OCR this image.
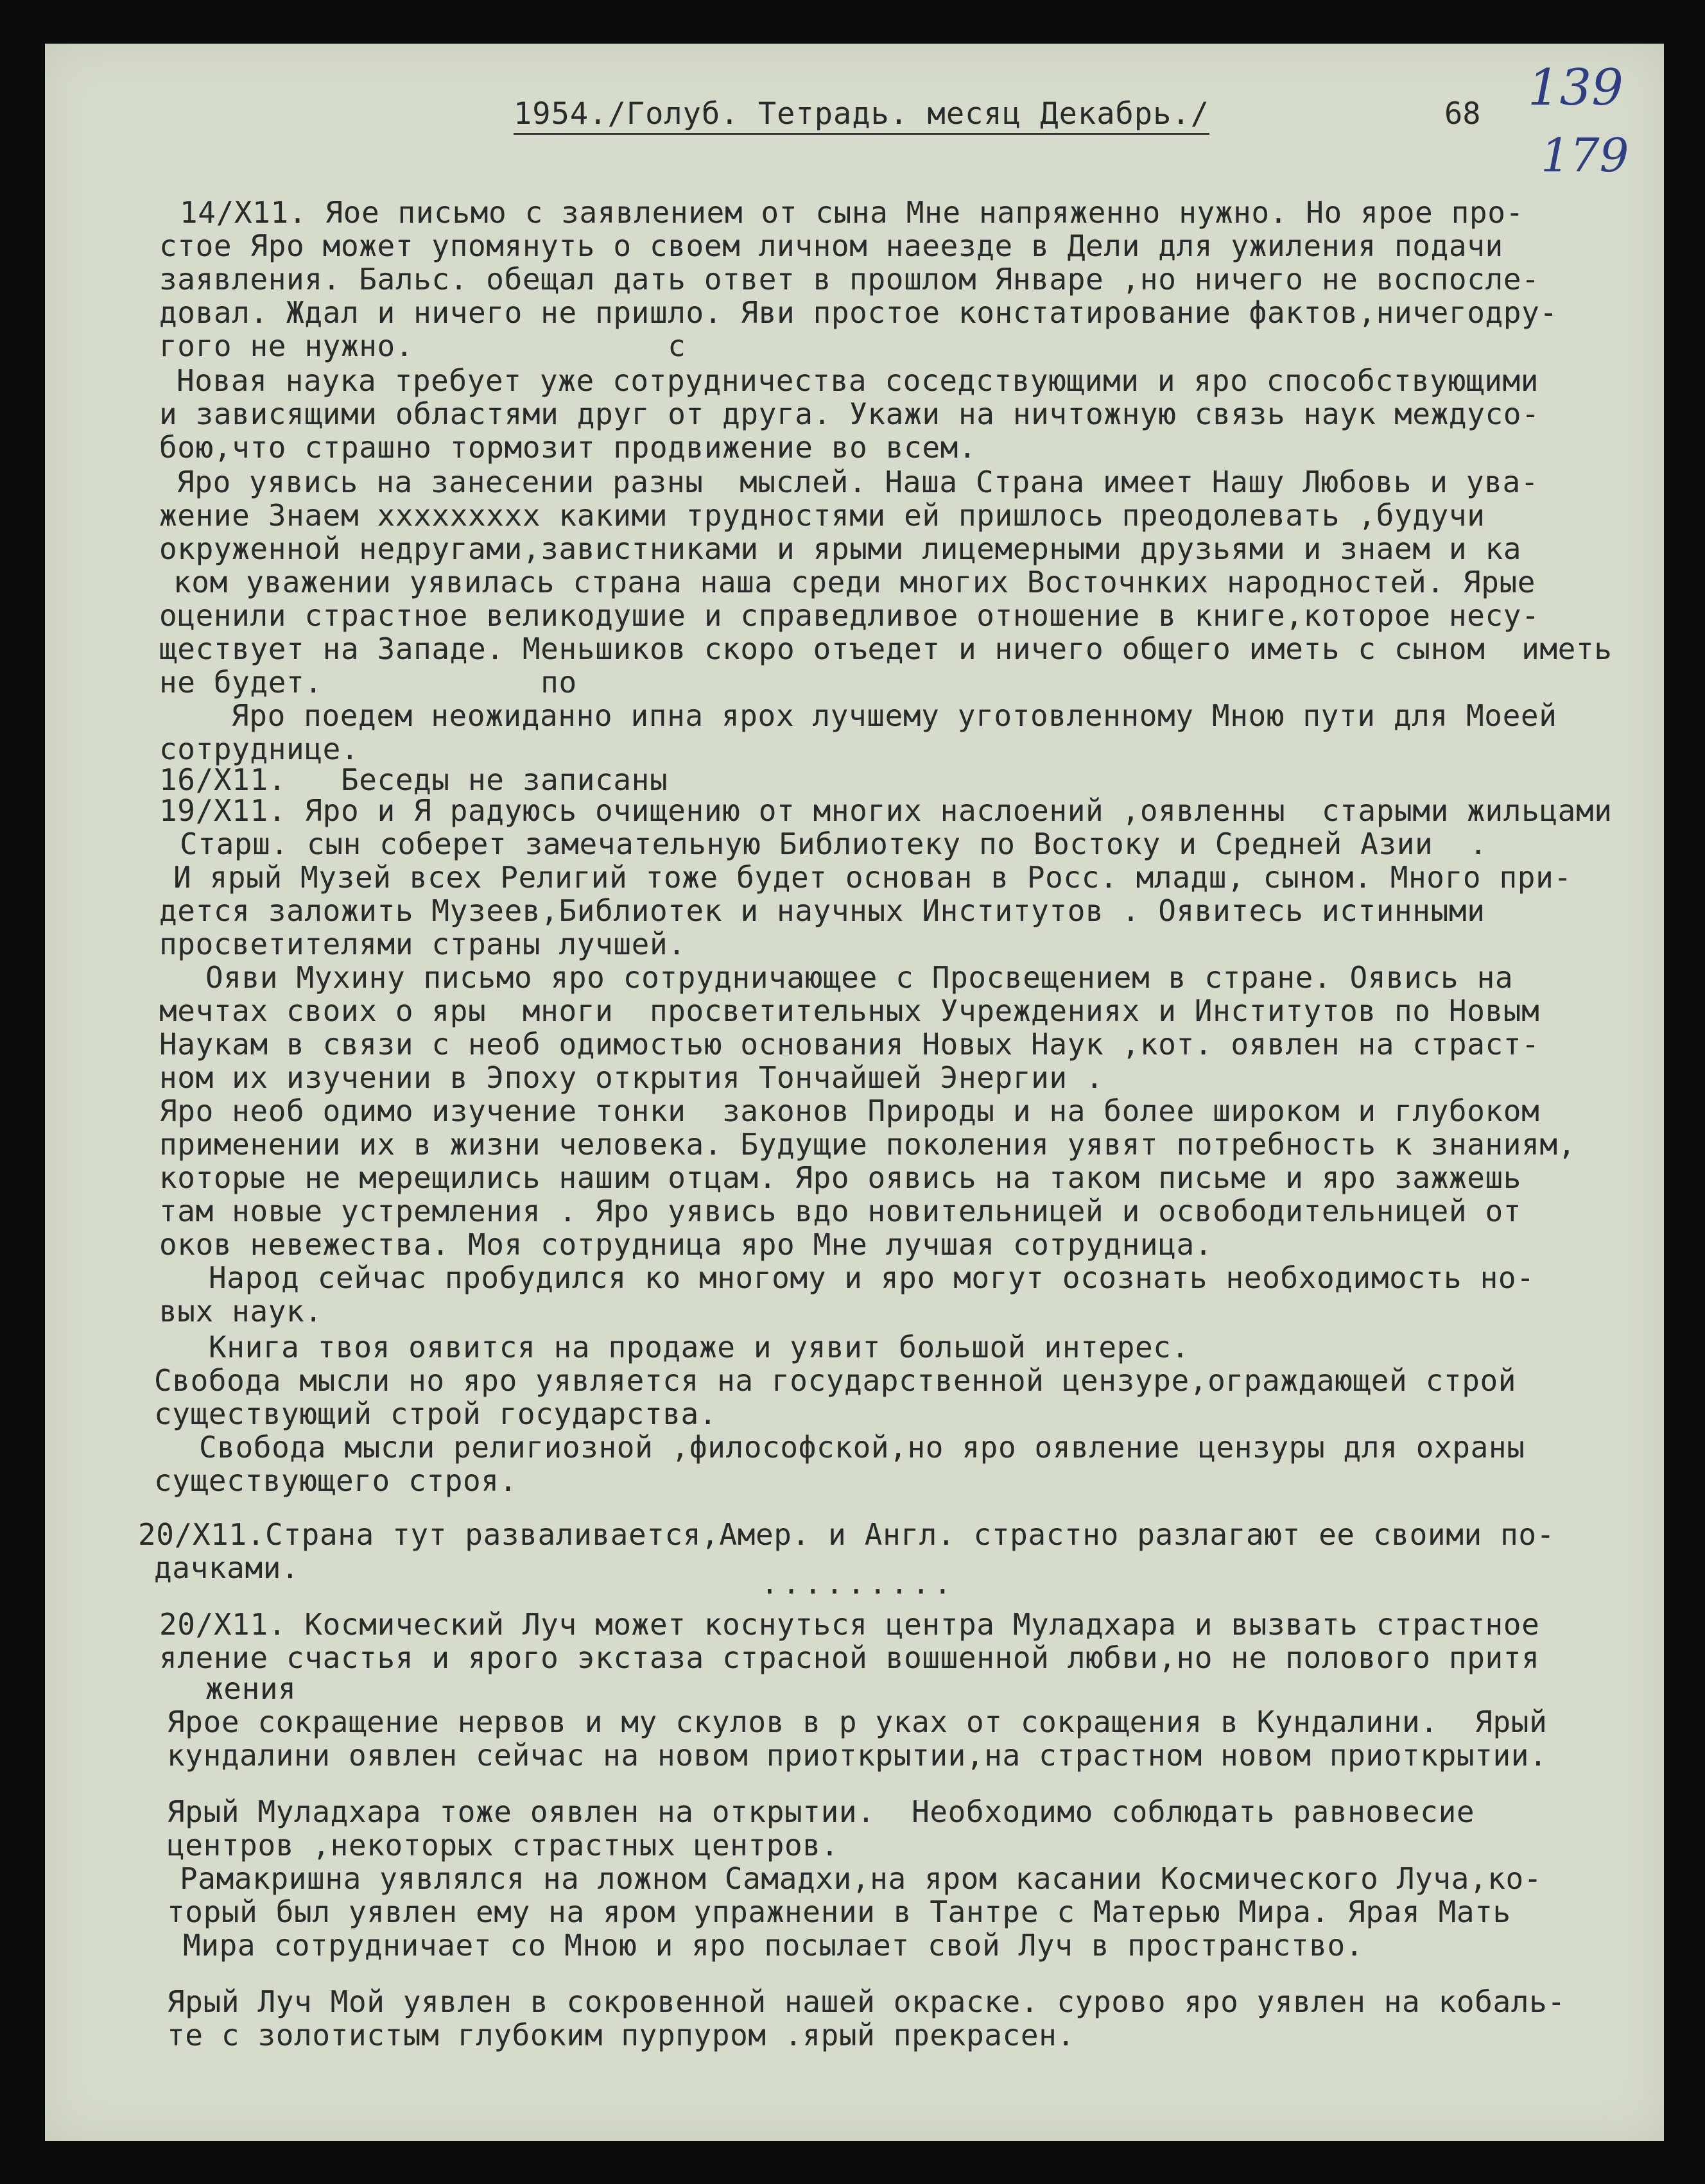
1954./Голуб. Тетрадь. месяц Декабрь./	68 139
179
14/Х11. Яое письмо с заявлением от сына Мне напряженно нужно. Но ярое про-
стое Яро может упомянуть о своем личном наеезде в Дели для ужиления подачи
заявления. Бальс. обещал дать ответ в прошлом Январе ,но ничего не воспосле-
довал. Ждал и ничего не пришло. Яви простое констатирование фактов,ничегодру-
гого не нужно.              с
Новая наука требует уже сотрудничества соседствующими и яро способствующими
и зависящими областями друг от друга. Укажи на ничтожную связь наук междусо-
бою,что страшно тормозит продвижение во всем.
Яро уявись на занесении разны  мыслей. Наша Страна имеет Нашу Любовь и ува-
жение Знаем ххххххххх какими трудностями ей пришлось преодолевать ,будучи
окруженной недругами,завистниками и ярыми лицемерными друзьями и знаем и ка
ком уважении уявилась страна наша среди многих Восточнких народностей. Ярые
оценили страстное великодушие и справедливое отношение в книге,которое несу-
ществует на Западе. Меньшиков скоро отъедет и ничего общего иметь с сыном  иметь
не будет.            по
Яро поедем неожиданно ипна ярох лучшему уготовленному Мною пути для Моеей
сотруднице.
16/Х11.   Беседы не записаны
19/Х11. Яро и Я радуюсь очищению от многих наслоений ,оявленны  старыми жильцами
Старш. сын соберет замечательную Библиотеку по Востоку и Средней Азии  .
И ярый Музей всех Религий тоже будет основан в Росс. младш, сыном. Много при-
дется заложить Музеев,Библиотек и научных Институтов . Оявитесь истинными
просветителями страны лучшей.
Ояви Мухину письмо яро сотрудничающее с Просвещением в стране. Оявись на
мечтах своих о яры  многи  просветительных Учреждениях и Институтов по Новым
Наукам в связи с необ одимостью основания Новых Наук ,кот. оявлен на страст-
ном их изучении в Эпоху открытия Тончайшей Энергии .
Яро необ одимо изучение тонки  законов Природы и на более широком и глубоком
применении их в жизни человека. Будущие поколения уявят потребность к знаниям,
которые не мерещились нашим отцам. Яро оявись на таком письме и яро зажжешь
там новые устремления . Яро уявись вдо новительницей и освободительницей от
оков невежества. Моя сотрудница яро Мне лучшая сотрудница.
Народ сейчас пробудился ко многому и яро могут осознать необходимость но-
вых наук.
Книга твоя оявится на продаже и уявит большой интерес.
Свобода мысли но яро уявляется на государственной цензуре,ограждающей строй
существующий строй государства.
Свобода мысли религиозной ,философской,но яро оявление цензуры для охраны
существующего строя.
20/Х11.Страна тут разваливается,Амер. и Англ. страстно разлагают ее своими по-
дачками.
20/Х11. Космический Луч может коснуться центра Муладхара и вызвать страстное
яление счастья и ярого экстаза страсной вошшенной любви,но не полового притя
жения
Ярое сокращение нервов и му скулов в р уках от сокращения в Кундалини.  Ярый
кундалини оявлен сейчас на новом приоткрытии,на страстном новом приоткрытии.
Ярый Муладхара тоже оявлен на открытии.  Необходимо соблюдать равновесие
центров ,некоторых страстных центров.
Рамакришна уявлялся на ложном Самадхи,на яром касании Космического Луча,ко-
торый был уявлен ему на яром упражнении в Тантре с Матерью Мира. Ярая Мать
Мира сотрудничает со Мною и яро посылает свой Луч в пространство.
Ярый Луч Мой уявлен в сокровенной нашей окраске. сурово яро уявлен на кобаль-
те с золотистым глубоким пурпуром .ярый прекрасен.
.........
